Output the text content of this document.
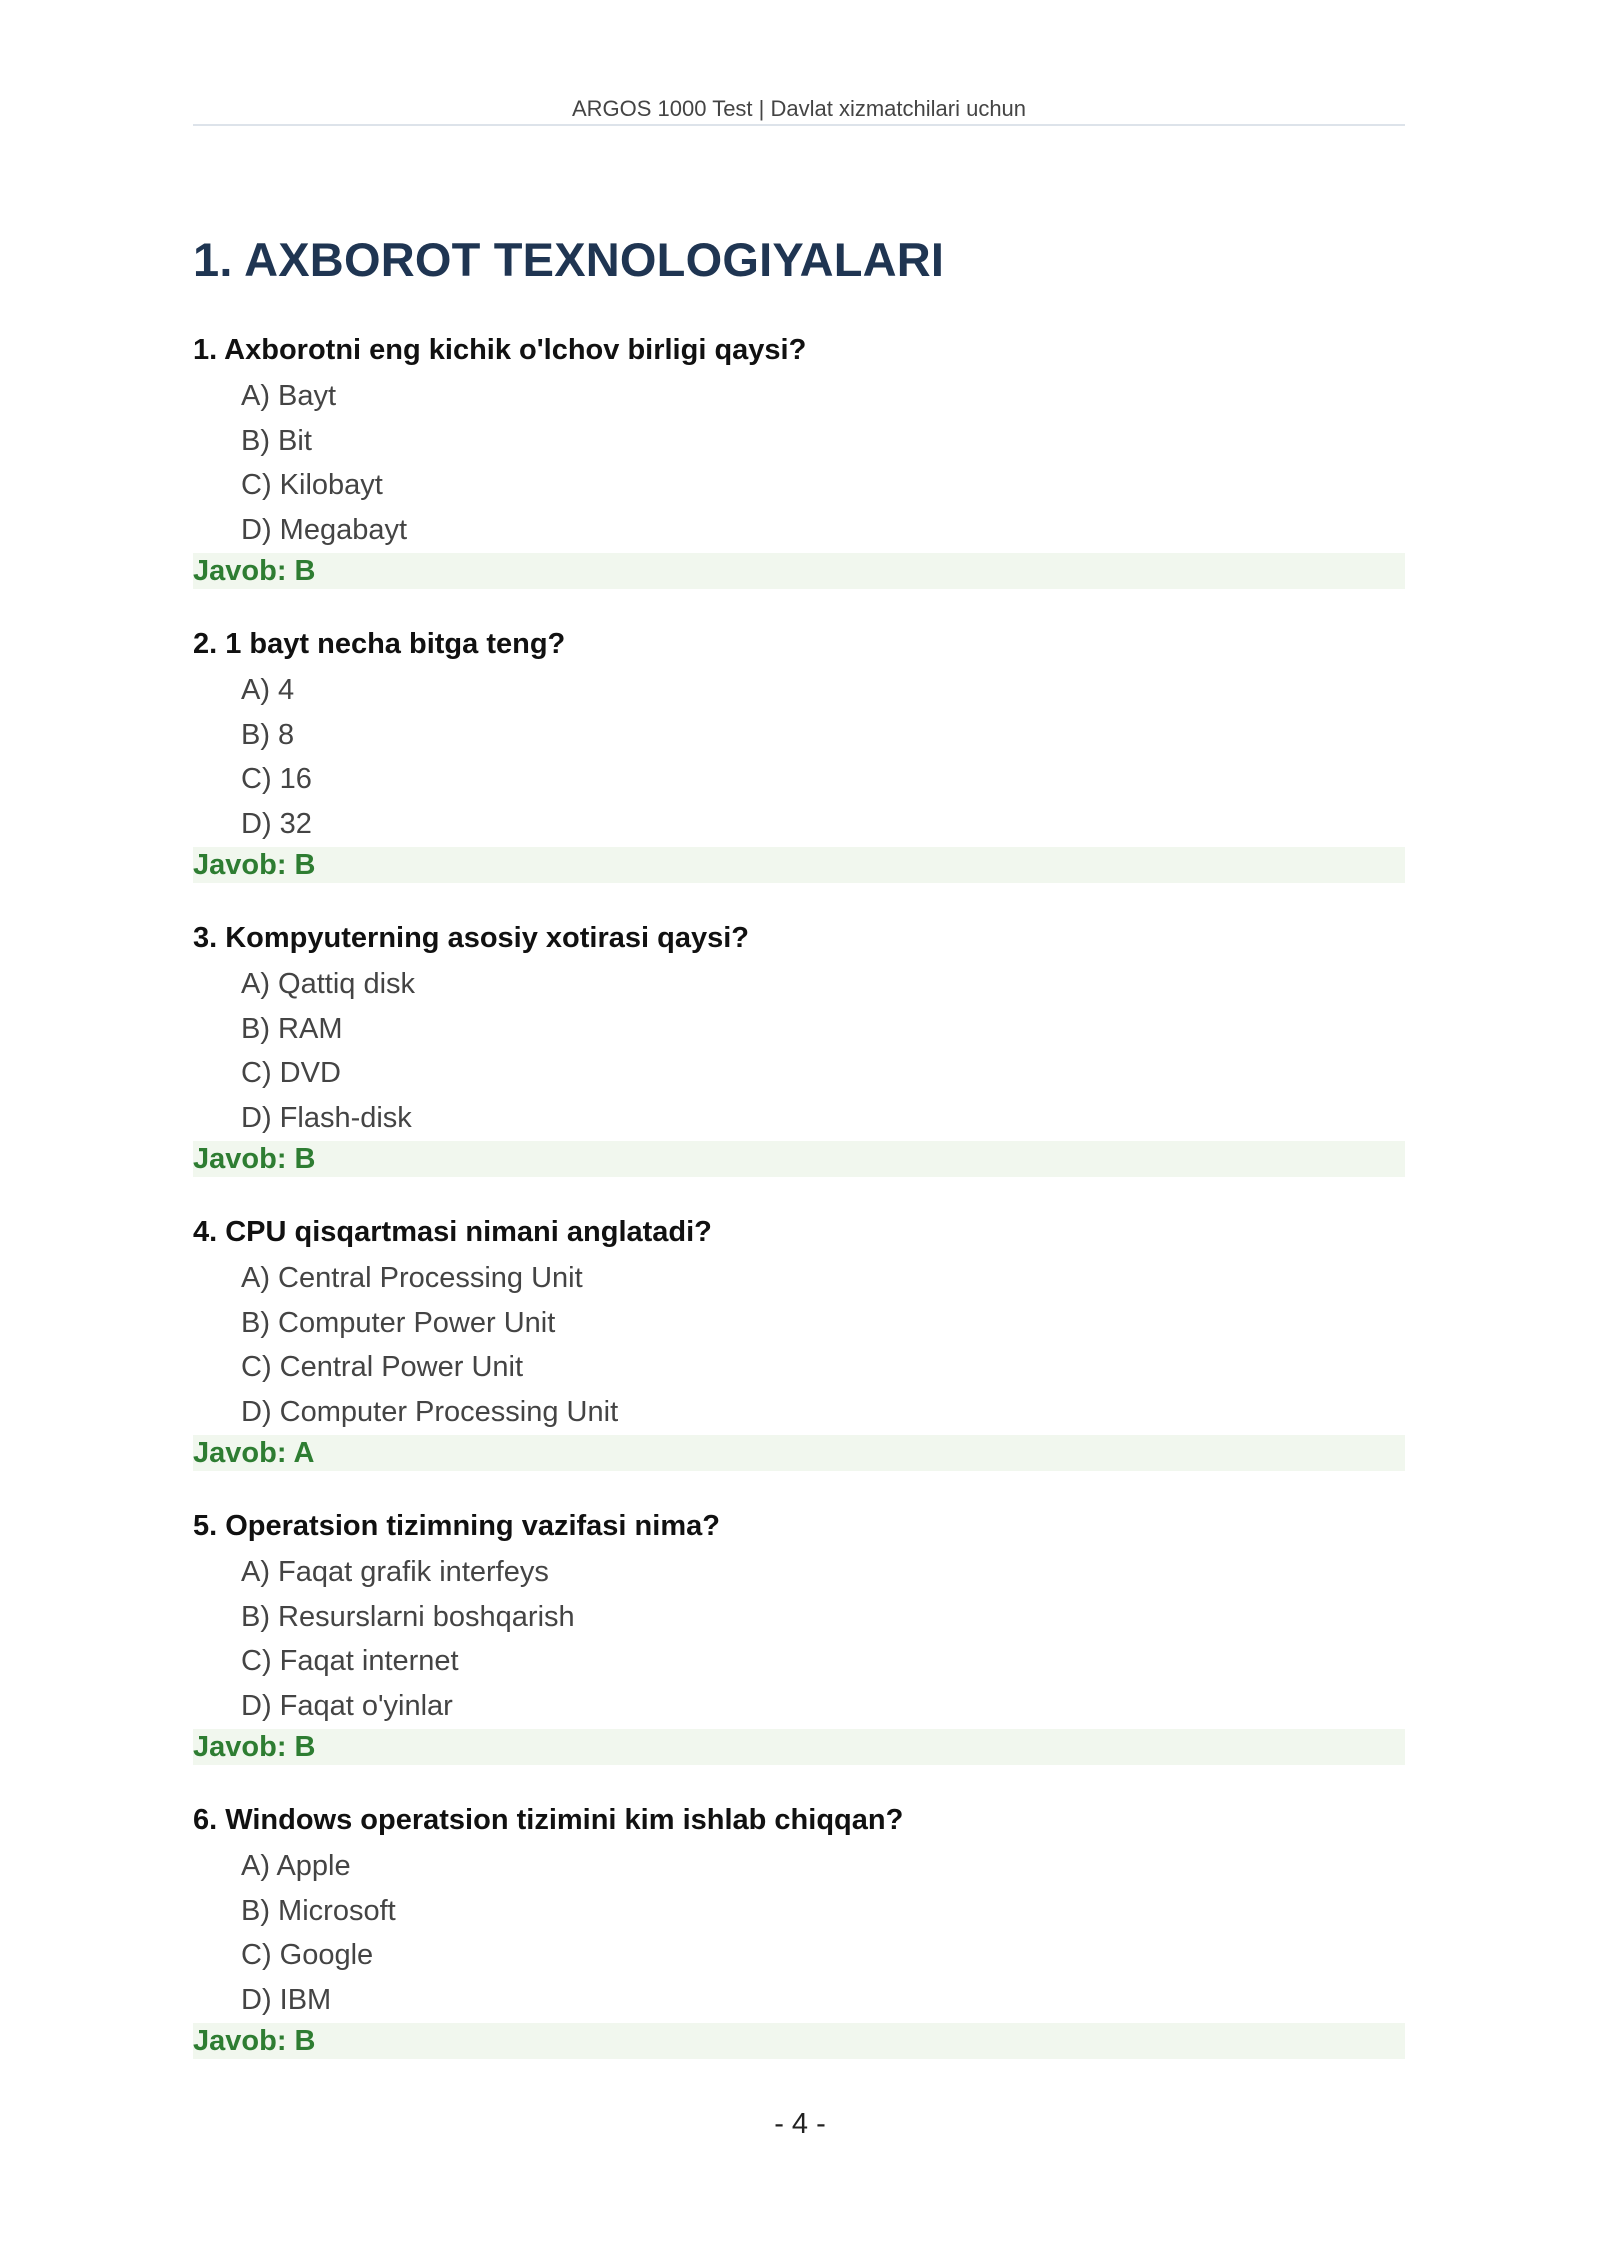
ARGOS 1000 Test | Davlat xizmatchilari uchun
1. AXBOROT TEXNOLOGIYALARI
1. Axborotni eng kichik o'lchov birligi qaysi?
A) Bayt
B) Bit
C) Kilobayt
D) Megabayt
Javob: B
2. 1 bayt necha bitga teng?
A) 4
B) 8
C) 16
D) 32
Javob: B
3. Kompyuterning asosiy xotirasi qaysi?
A) Qattiq disk
B) RAM
C) DVD
D) Flash-disk
Javob: B
4. CPU qisqartmasi nimani anglatadi?
A) Central Processing Unit
B) Computer Power Unit
C) Central Power Unit
D) Computer Processing Unit
Javob: A
5. Operatsion tizimning vazifasi nima?
A) Faqat grafik interfeys
B) Resurslarni boshqarish
C) Faqat internet
D) Faqat o'yinlar
Javob: B
6. Windows operatsion tizimini kim ishlab chiqqan?
A) Apple
B) Microsoft
C) Google
D) IBM
Javob: B
- 4 -
